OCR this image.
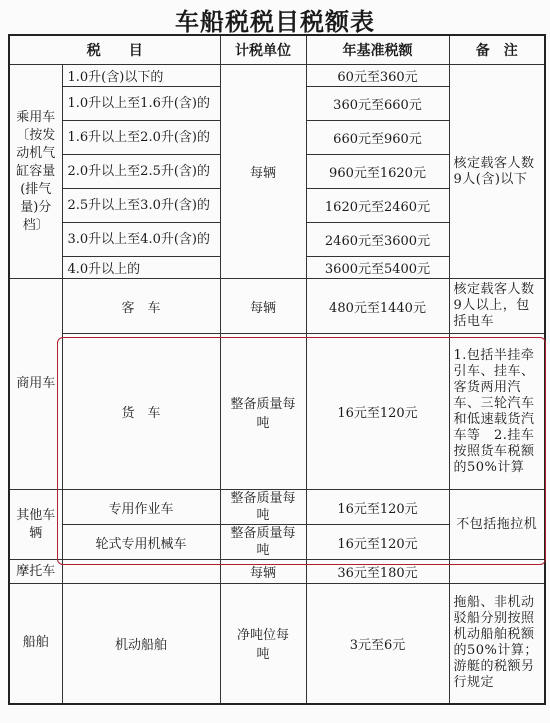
车船税税目税额表
税　　目		计税单位	年基准税额	备　注
乘用车〔按发动机气缸容量(排气量)分档〕	1.0升(含)以下的	每辆	60元至360元	核定载客人数9人(含)以下
	1.0升以上至1.6升(含)的		360元至660元	
	1.6升以上至2.0升(含)的		660元至960元	
	2.0升以上至2.5升(含)的		960元至1620元	
	2.5升以上至3.0升(含)的		1620元至2460元	
	3.0升以上至4.0升(含)的		2460元至3600元	
	4.0升以上的		3600元至5400元	
商用车	客　车	每辆	480元至1440元	核定载客人数9人以上，包括电车
	货　车	整备质量每吨	16元至120元	1.包括半挂牵引车、挂车、客货两用汽车、三轮汽车和低速载货汽车等　2.挂车按照货车税额的50%计算
其他车辆	专用作业车	整备质量每吨	16元至120元	不包括拖拉机
	轮式专用机械车	整备质量每吨	16元至120元	
摩托车		每辆	36元至180元	
船舶	机动船舶	净吨位每吨	3元至6元	拖船、非机动驳船分别按照机动船舶税额的50%计算；游艇的税额另行规定
